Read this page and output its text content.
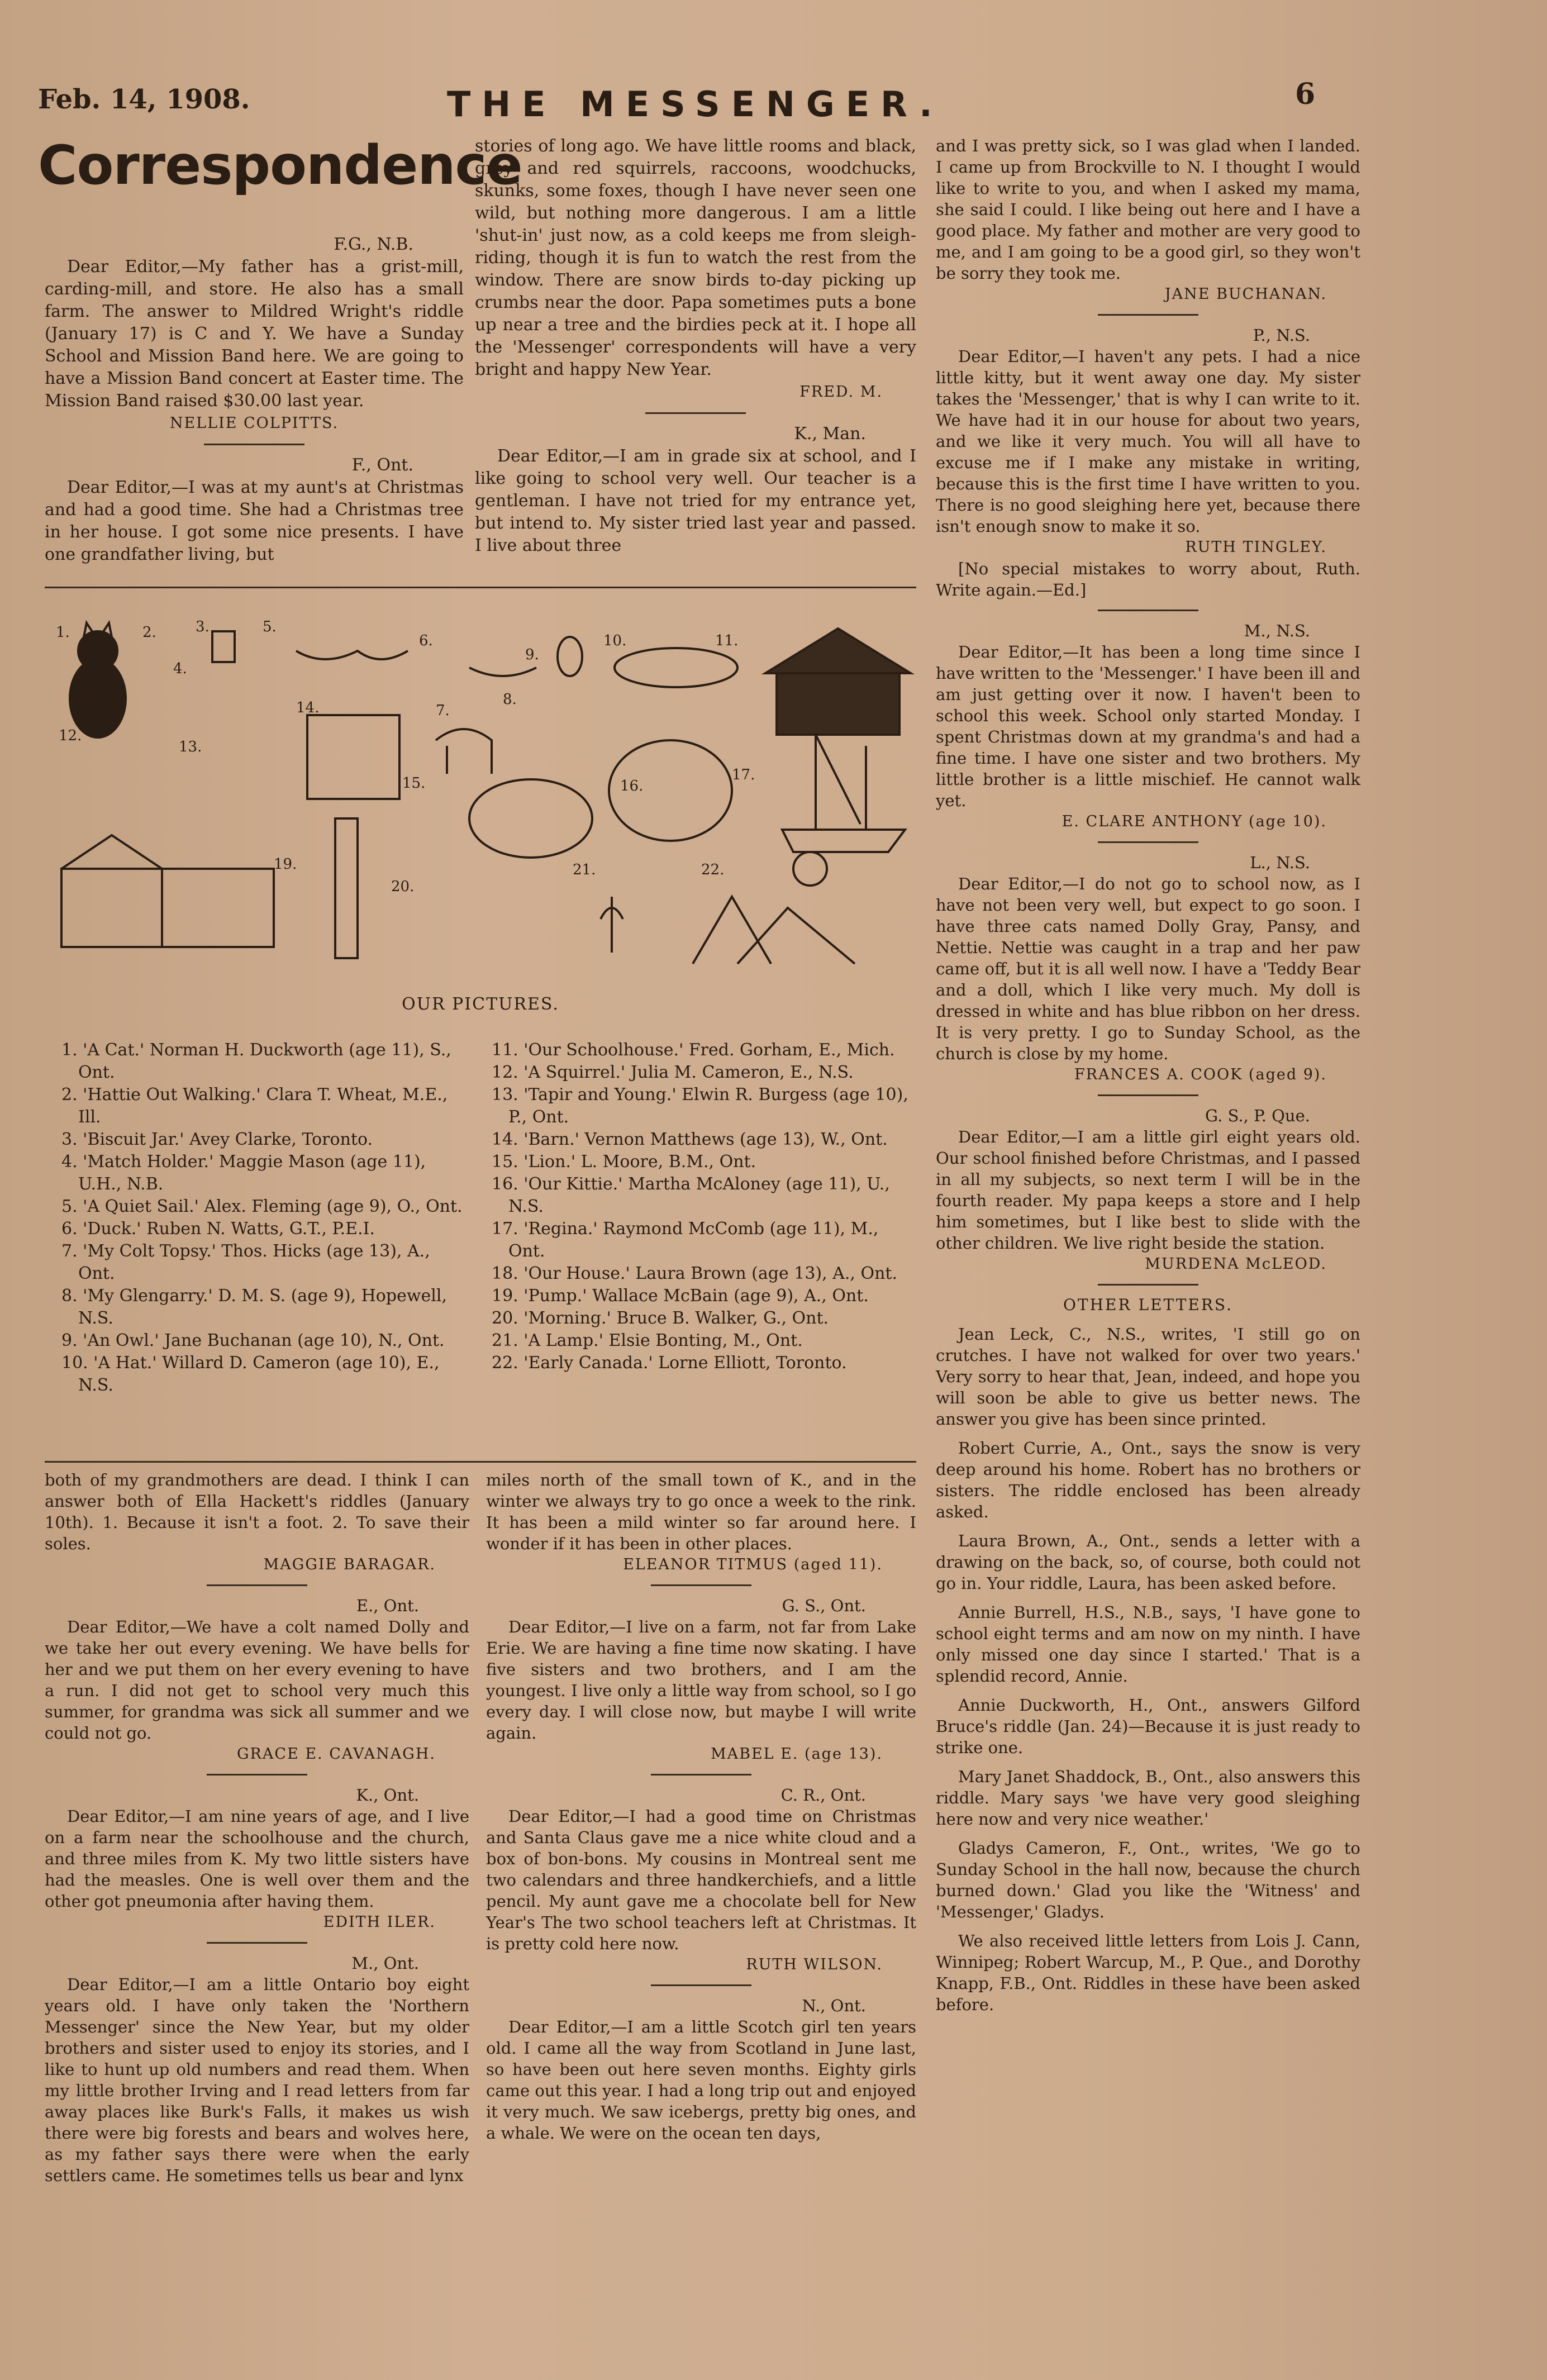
Feb. 14, 1908.	THE MESSENGER.	6
Correspondence
F.G., N.B.

Dear Editor,—My father has a grist-mill, carding-mill, and store. He also has a small farm. The answer to Mildred Wright's riddle (January 17) is C and Y. We have a Sunday School and Mission Band here. We are going to have a Mission Band concert at Easter time. The Mission Band raised $30.00 last year.

NELLIE COLPITTS.
F., Ont.

Dear Editor,—I was at my aunt's at Christmas and had a good time. She had a Christmas tree in her house. I got some nice presents. I have one grandfather living, but

stories of long ago. We have little rooms and black, grey and red squirrels, raccoons, woodchucks, skunks, some foxes, though I have never seen one wild, but nothing more dangerous. I am a little 'shut-in' just now, as a cold keeps me from sleigh-riding, though it is fun to watch the rest from the window. There are snow birds to-day picking up crumbs near the door. Papa sometimes puts a bone up near a tree and the birdies peck at it. I hope all the 'Messenger' correspondents will have a very bright and happy New Year.

FRED. M.
K., Man.

Dear Editor,—I am in grade six at school, and I like going to school very well. Our teacher is a gentleman. I have not tried for my entrance yet, but intend to. My sister tried last year and passed. I live about three

1.	2.	3.
4.
5.
6.
7.
8.
9.
10.	11.
12.
13.
14.
15.	16.
17.
19.
20.
21.	22.
OUR PICTURES.
1. 'A Cat.' Norman H. Duckworth (age 11), S., Ont.
2. 'Hattie Out Walking.' Clara T. Wheat, M.E., Ill.
3. 'Biscuit Jar.' Avey Clarke, Toronto.
4. 'Match Holder.' Maggie Mason (age 11), U.H., N.B.
5. 'A Quiet Sail.' Alex. Fleming (age 9), O., Ont.
6. 'Duck.' Ruben N. Watts, G.T., P.E.I.
7. 'My Colt Topsy.' Thos. Hicks (age 13), A., Ont.
8. 'My Glengarry.' D. M. S. (age 9), Hopewell, N.S.
9. 'An Owl.' Jane Buchanan (age 10), N., Ont.
10. 'A Hat.' Willard D. Cameron (age 10), E., N.S.
11. 'Our Schoolhouse.' Fred. Gorham, E., Mich.
12. 'A Squirrel.' Julia M. Cameron, E., N.S.
13. 'Tapir and Young.' Elwin R. Burgess (age 10), P., Ont.
14. 'Barn.' Vernon Matthews (age 13), W., Ont.
15. 'Lion.' L. Moore, B.M., Ont.
16. 'Our Kittie.' Martha McAloney (age 11), U., N.S.
17. 'Regina.' Raymond McComb (age 11), M., Ont.
18. 'Our House.' Laura Brown (age 13), A., Ont.
19. 'Pump.' Wallace McBain (age 9), A., Ont.
20. 'Morning.' Bruce B. Walker, G., Ont.
21. 'A Lamp.' Elsie Bonting, M., Ont.
22. 'Early Canada.' Lorne Elliott, Toronto.

both of my grandmothers are dead. I think I can answer both of Ella Hackett's riddles (January 10th). 1. Because it isn't a foot. 2. To save their soles.

MAGGIE BARAGAR.
E., Ont.

Dear Editor,—We have a colt named Dolly and we take her out every evening. We have bells for her and we put them on her every evening to have a run. I did not get to school very much this summer, for grandma was sick all summer and we could not go.

GRACE E. CAVANAGH.
K., Ont.

Dear Editor,—I am nine years of age, and I live on a farm near the schoolhouse and the church, and three miles from K. My two little sisters have had the measles. One is well over them and the other got pneumonia after having them.

EDITH ILER.
M., Ont.

Dear Editor,—I am a little Ontario boy eight years old. I have only taken the 'Northern Messenger' since the New Year, but my older brothers and sister used to enjoy its stories, and I like to hunt up old numbers and read them. When my little brother Irving and I read letters from far away places like Burk's Falls, it makes us wish there were big forests and bears and wolves here, as my father says there were when the early settlers came. He sometimes tells us bear and lynx

miles north of the small town of K., and in the winter we always try to go once a week to the rink. It has been a mild winter so far around here. I wonder if it has been in other places.

ELEANOR TITMUS (aged 11).
G. S., Ont.

Dear Editor,—I live on a farm, not far from Lake Erie. We are having a fine time now skating. I have five sisters and two brothers, and I am the youngest. I live only a little way from school, so I go every day. I will close now, but maybe I will write again.

MABEL E. (age 13).
C. R., Ont.

Dear Editor,—I had a good time on Christmas and Santa Claus gave me a nice white cloud and a box of bon-bons. My cousins in Montreal sent me two calendars and three handkerchiefs, and a little pencil. My aunt gave me a chocolate bell for New Year's The two school teachers left at Christmas. It is pretty cold here now.

RUTH WILSON.
N., Ont.

Dear Editor,—I am a little Scotch girl ten years old. I came all the way from Scotland in June last, so have been out here seven months. Eighty girls came out this year. I had a long trip out and enjoyed it very much. We saw icebergs, pretty big ones, and a whale. We were on the ocean ten days,

and I was pretty sick, so I was glad when I landed. I came up from Brockville to N. I thought I would like to write to you, and when I asked my mama, she said I could. I like being out here and I have a good place. My father and mother are very good to me, and I am going to be a good girl, so they won't be sorry they took me.

JANE BUCHANAN.
P., N.S.

Dear Editor,—I haven't any pets. I had a nice little kitty, but it went away one day. My sister takes the 'Messenger,' that is why I can write to it. We have had it in our house for about two years, and we like it very much. You will all have to excuse me if I make any mistake in writing, because this is the first time I have written to you. There is no good sleighing here yet, because there isn't enough snow to make it so.

RUTH TINGLEY.

[No special mistakes to worry about, Ruth. Write again.—Ed.]

M., N.S.

Dear Editor,—It has been a long time since I have written to the 'Messenger.' I have been ill and am just getting over it now. I haven't been to school this week. School only started Monday. I spent Christmas down at my grandma's and had a fine time. I have one sister and two brothers. My little brother is a little mischief. He cannot walk yet.

E. CLARE ANTHONY (age 10).
L., N.S.

Dear Editor,—I do not go to school now, as I have not been very well, but expect to go soon. I have three cats named Dolly Gray, Pansy, and Nettie. Nettie was caught in a trap and her paw came off, but it is all well now. I have a 'Teddy Bear and a doll, which I like very much. My doll is dressed in white and has blue ribbon on her dress. It is very pretty. I go to Sunday School, as the church is close by my home.

FRANCES A. COOK (aged 9).
G. S., P. Que.

Dear Editor,—I am a little girl eight years old. Our school finished before Christmas, and I passed in all my subjects, so next term I will be in the fourth reader. My papa keeps a store and I help him sometimes, but I like best to slide with the other children. We live right beside the station.

MURDENA McLEOD.
OTHER LETTERS.

Jean Leck, C., N.S., writes, 'I still go on crutches. I have not walked for over two years.' Very sorry to hear that, Jean, indeed, and hope you will soon be able to give us better news. The answer you give has been since printed.

Robert Currie, A., Ont., says the snow is very deep around his home. Robert has no brothers or sisters. The riddle enclosed has been already asked.

Laura Brown, A., Ont., sends a letter with a drawing on the back, so, of course, both could not go in. Your riddle, Laura, has been asked before.

Annie Burrell, H.S., N.B., says, 'I have gone to school eight terms and am now on my ninth. I have only missed one day since I started.' That is a splendid record, Annie.

Annie Duckworth, H., Ont., answers Gilford Bruce's riddle (Jan. 24)—Because it is just ready to strike one.

Mary Janet Shaddock, B., Ont., also answers this riddle. Mary says 'we have very good sleighing here now and very nice weather.'

Gladys Cameron, F., Ont., writes, 'We go to Sunday School in the hall now, because the church burned down.' Glad you like the 'Witness' and 'Messenger,' Gladys.

We also received little letters from Lois J. Cann, Winnipeg; Robert Warcup, M., P. Que., and Dorothy Knapp, F.B., Ont. Riddles in these have been asked before.
